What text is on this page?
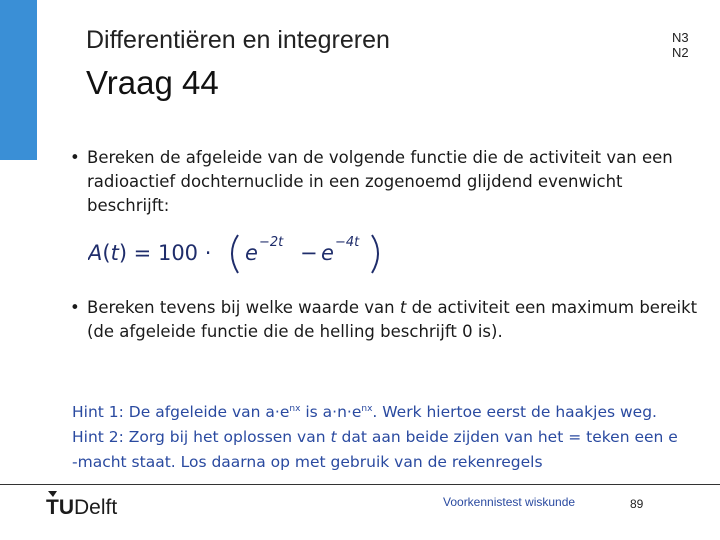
Differentiëren en integreren
Vraag 44
N3
N2
• Bereken de afgeleide van de volgende functie die de activiteit van een radioactief dochternuclide in een zogenoemd glijdend evenwicht beschrijft:
A(t) = 100 · e −2t − e −4t
• Bereken tevens bij welke waarde van t de activiteit een maximum bereikt (de afgeleide functie die de helling beschrijft 0 is).
Hint 1: De afgeleide van $a\cdot e^{nx}$ is $a\cdot n\cdot e^{nx}$. Werk hiertoe eerst de haakjes weg.
Hint 2: Zorg bij het oplossen van t dat aan beide zijden van het = teken een e
-macht staat. Los daarna op met gebruik van de rekenregels
TUDelft	Voorkennistest wiskunde	89
